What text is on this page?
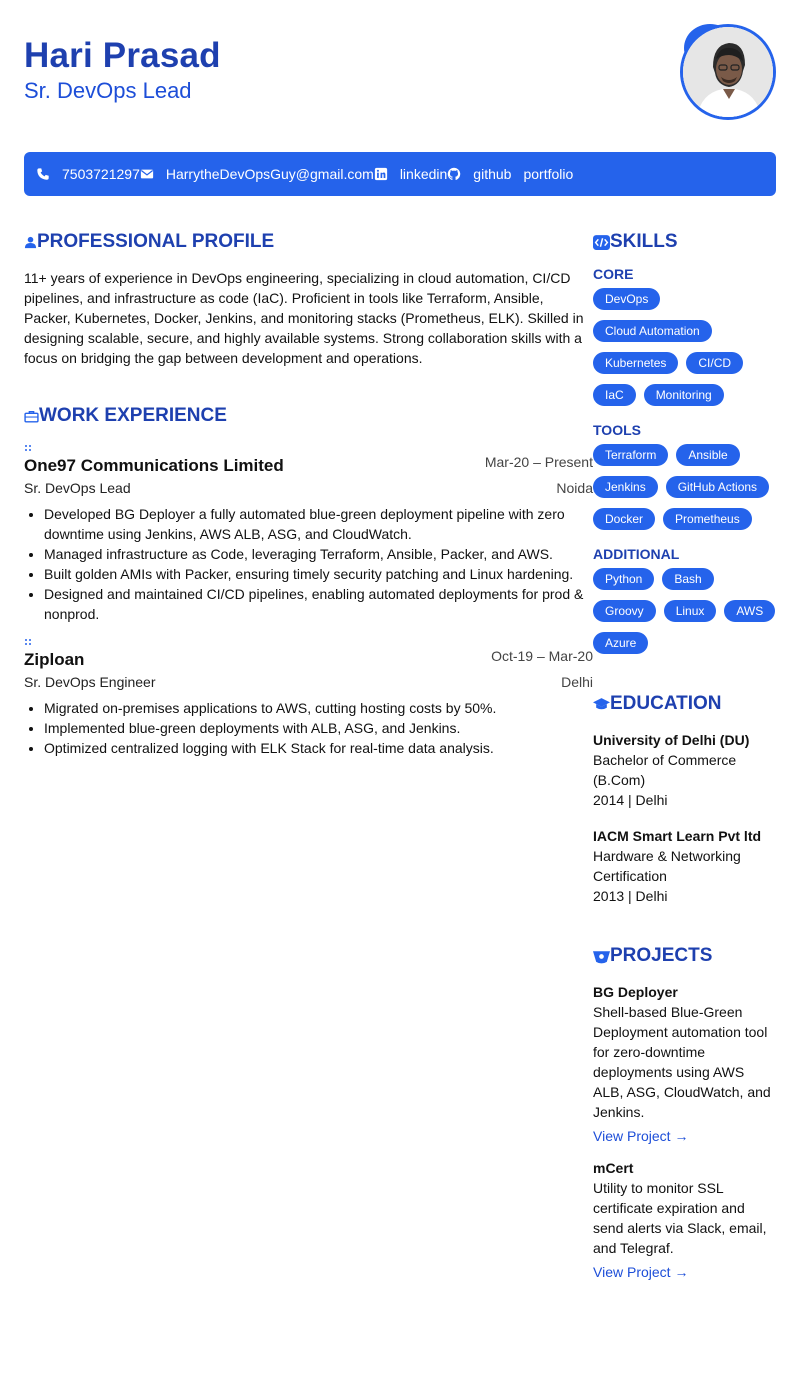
Hari Prasad
Sr. DevOps Lead
7503721297 HarrytheDevOpsGuy@gmail.com linkedin github portfolio
PROFESSIONAL PROFILE

11+ years of experience in DevOps engineering, specializing in cloud automation, CI/CD pipelines, and infrastructure as code (IaC). Proficient in tools like Terraform, Ansible, Packer, Kubernetes, Docker, Jenkins, and monitoring stacks (Prometheus, ELK). Skilled in designing scalable, secure, and highly available systems. Strong collaboration skills with a focus on bridging the gap between development and operations.

WORK EXPERIENCE
One97 Communications Limited	Mar-20 – Present
Sr. DevOps Lead	Noida
• Developed BG Deployer a fully automated blue-green deployment pipeline with zero downtime using Jenkins, AWS ALB, ASG, and CloudWatch.
• Managed infrastructure as Code, leveraging Terraform, Ansible, Packer, and AWS.
• Built golden AMIs with Packer, ensuring timely security patching and Linux hardening.
• Designed and maintained CI/CD pipelines, enabling automated deployments for prod & nonprod.
Ziploan	Oct-19 – Mar-20
Sr. DevOps Engineer	Delhi
• Migrated on-premises applications to AWS, cutting hosting costs by 50%.
• Implemented blue-green deployments with ALB, ASG, and Jenkins.
• Optimized centralized logging with ELK Stack for real-time data analysis.
SKILLS
CORE
DevOps
Cloud Automation
Kubernetes	CI/CD
IaC	Monitoring
TOOLS
Terraform	Ansible
Jenkins	GitHub Actions
Docker	Prometheus
ADDITIONAL
Python	Bash
Groovy	Linux	AWS
Azure
EDUCATION
University of Delhi (DU)
Bachelor of Commerce (B.Com)
2014 | Delhi
IACM Smart Learn Pvt ltd
Hardware & Networking Certification
2013 | Delhi
PROJECTS
BG Deployer
Shell-based Blue-Green Deployment automation tool for zero-downtime deployments using AWS ALB, ASG, CloudWatch, and Jenkins.
View Project →
mCert
Utility to monitor SSL certificate expiration and send alerts via Slack, email, and Telegraf.
View Project →
